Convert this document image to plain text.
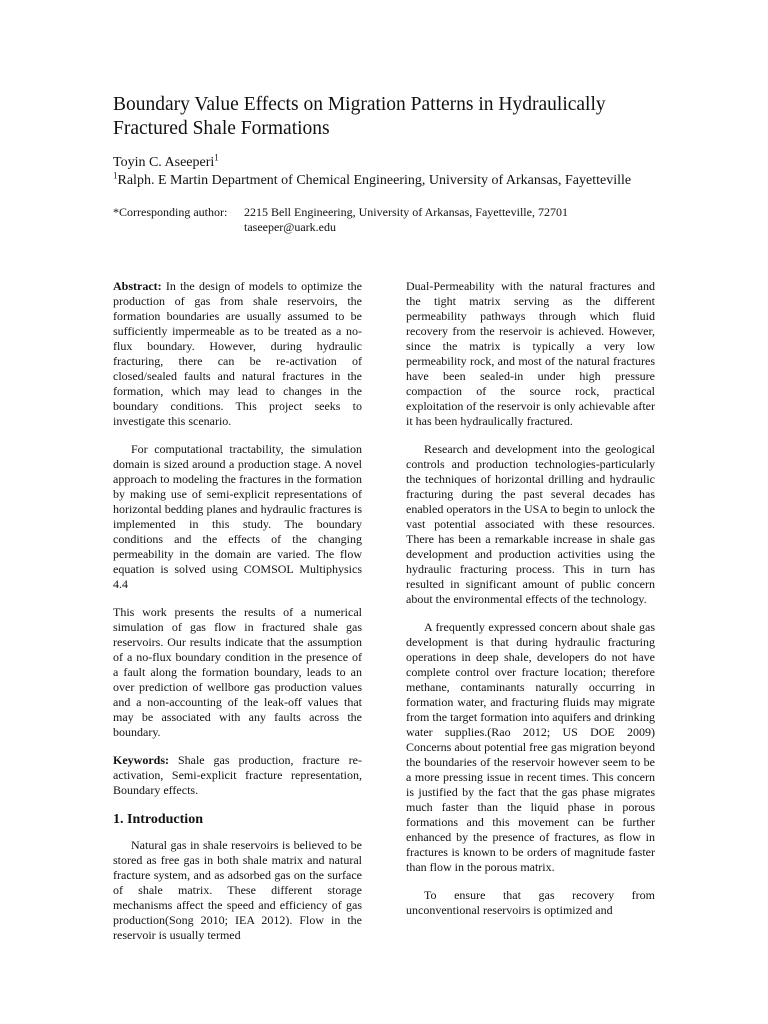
Boundary Value Effects on Migration Patterns in Hydraulically Fractured Shale Formations
Toyin C. Aseeperi$^1$
$^1$Ralph. E Martin Department of Chemical Engineering, University of Arkansas, Fayetteville
*Corresponding author: 2215 Bell Engineering, University of Arkansas, Fayetteville, 72701
taseeper@uark.edu

Abstract: In the design of models to optimize the production of gas from shale reservoirs, the formation boundaries are usually assumed to be sufficiently impermeable as to be treated as a no-flux boundary. However, during hydraulic fracturing, there can be re-activation of closed/sealed faults and natural fractures in the formation, which may lead to changes in the boundary conditions. This project seeks to investigate this scenario.

For computational tractability, the simulation domain is sized around a production stage. A novel approach to modeling the fractures in the formation by making use of semi-explicit representations of horizontal bedding planes and hydraulic fractures is implemented in this study. The boundary conditions and the effects of the changing permeability in the domain are varied. The flow equation is solved using COMSOL Multiphysics 4.4

This work presents the results of a numerical simulation of gas flow in fractured shale gas reservoirs. Our results indicate that the assumption of a no-flux boundary condition in the presence of a fault along the formation boundary, leads to an over prediction of wellbore gas production values and a non-accounting of the leak-off values that may be associated with any faults across the boundary.

Keywords: Shale gas production, fracture re-activation, Semi-explicit fracture representation, Boundary effects.

1. Introduction

Natural gas in shale reservoirs is believed to be stored as free gas in both shale matrix and natural fracture system, and as adsorbed gas on the surface of shale matrix. These different storage mechanisms affect the speed and efficiency of gas production(Song 2010; IEA 2012). Flow in the reservoir is usually termed

Dual-Permeability with the natural fractures and the tight matrix serving as the different permeability pathways through which fluid recovery from the reservoir is achieved. However, since the matrix is typically a very low permeability rock, and most of the natural fractures have been sealed-in under high pressure compaction of the source rock, practical exploitation of the reservoir is only achievable after it has been hydraulically fractured.

Research and development into the geological controls and production technologies-particularly the techniques of horizontal drilling and hydraulic fracturing during the past several decades has enabled operators in the USA to begin to unlock the vast potential associated with these resources. There has been a remarkable increase in shale gas development and production activities using the hydraulic fracturing process. This in turn has resulted in significant amount of public concern about the environmental effects of the technology.

A frequently expressed concern about shale gas development is that during hydraulic fracturing operations in deep shale, developers do not have complete control over fracture location; therefore methane, contaminants naturally occurring in formation water, and fracturing fluids may migrate from the target formation into aquifers and drinking water supplies.(Rao 2012; US DOE 2009) Concerns about potential free gas migration beyond the boundaries of the reservoir however seem to be a more pressing issue in recent times. This concern is justified by the fact that the gas phase migrates much faster than the liquid phase in porous formations and this movement can be further enhanced by the presence of fractures, as flow in fractures is known to be orders of magnitude faster than flow in the porous matrix.

To ensure that gas recovery from unconventional reservoirs is optimized and
